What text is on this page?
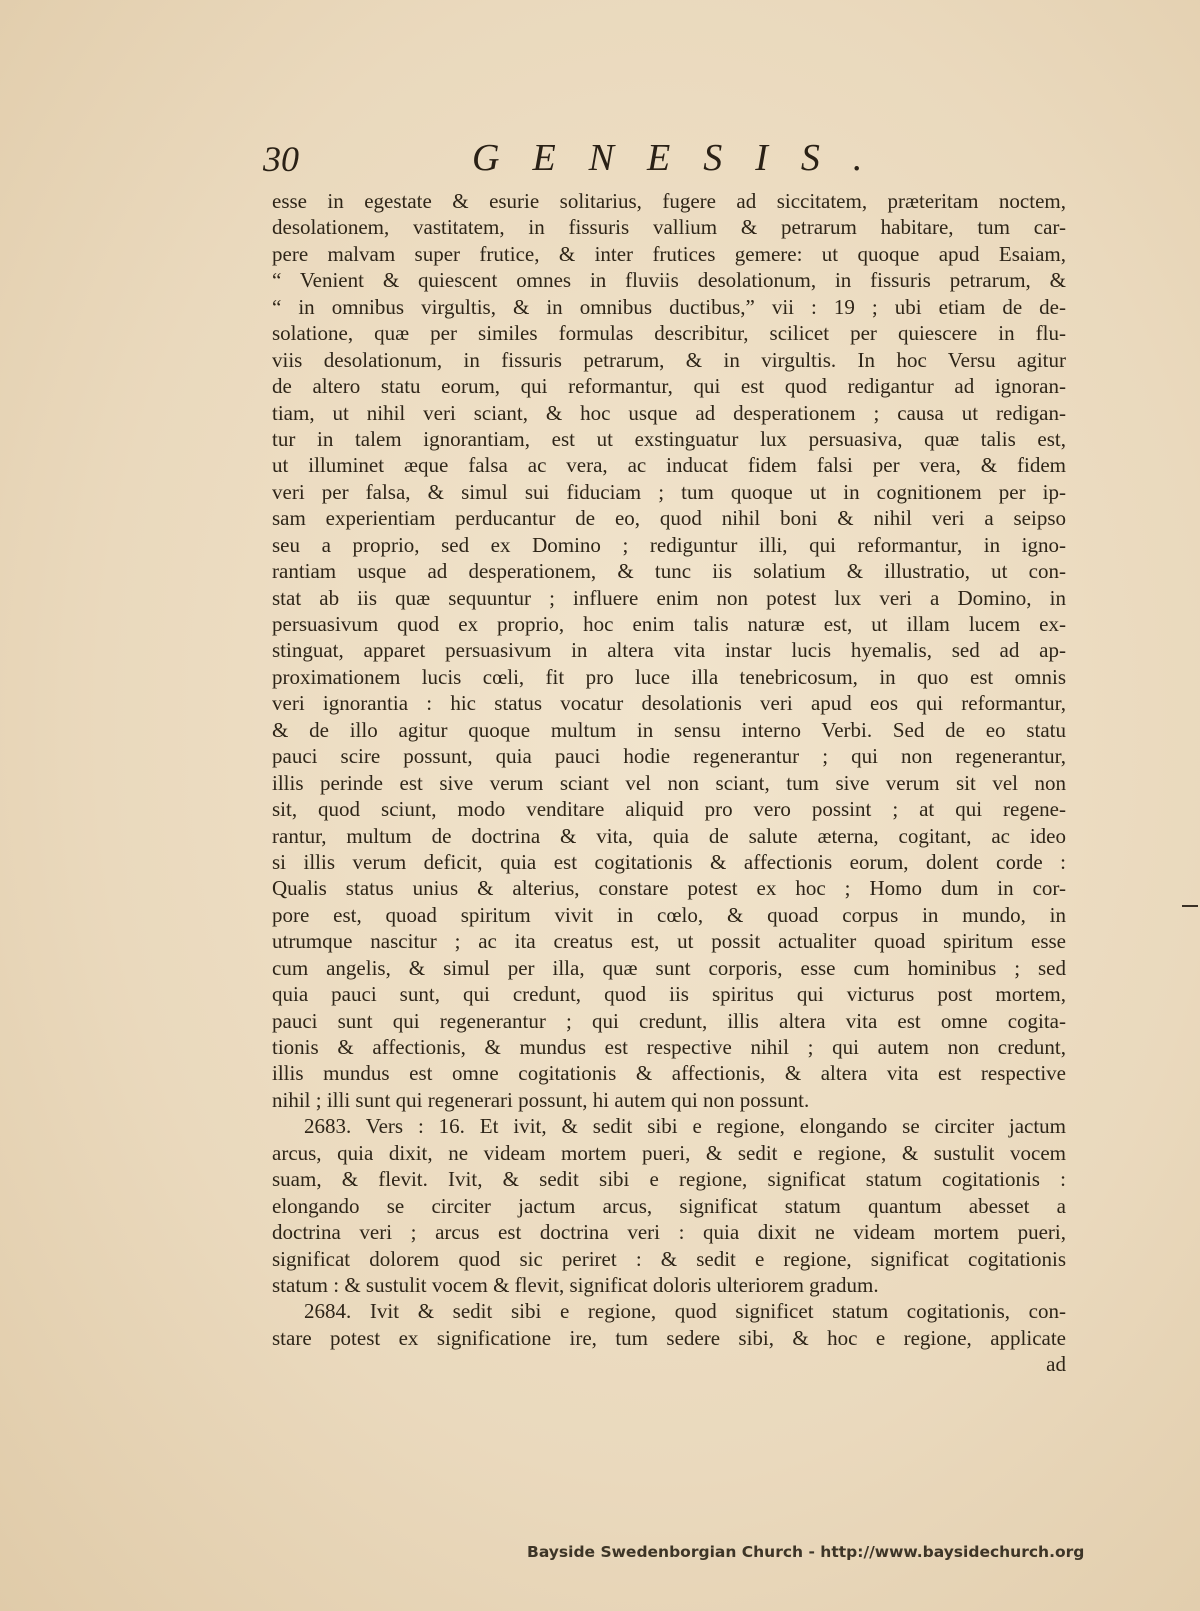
30	GENESIS.
esse in egestate & esurie solitarius, fugere ad siccitatem, præteritam noctem,
desolationem, vastitatem, in fissuris vallium & petrarum habitare, tum car-
pere malvam super frutice, & inter frutices gemere: ut quoque apud Esaiam,
“ Venient & quiescent omnes in fluviis desolationum, in fissuris petrarum, &
“ in omnibus virgultis, & in omnibus ductibus,” vii : 19 ; ubi etiam de de-
solatione, quæ per similes formulas describitur, scilicet per quiescere in flu-
viis desolationum, in fissuris petrarum, & in virgultis. In hoc Versu agitur
de altero statu eorum, qui reformantur, qui est quod redigantur ad ignoran-
tiam, ut nihil veri sciant, & hoc usque ad desperationem ; causa ut redigan-
tur in talem ignorantiam, est ut exstinguatur lux persuasiva, quæ talis est,
ut illuminet æque falsa ac vera, ac inducat fidem falsi per vera, & fidem
veri per falsa, & simul sui fiduciam ; tum quoque ut in cognitionem per ip-
sam experientiam perducantur de eo, quod nihil boni & nihil veri a seipso
seu a proprio, sed ex Domino ; rediguntur illi, qui reformantur, in igno-
rantiam usque ad desperationem, & tunc iis solatium & illustratio, ut con-
stat ab iis quæ sequuntur ; influere enim non potest lux veri a Domino, in
persuasivum quod ex proprio, hoc enim talis naturæ est, ut illam lucem ex-
stinguat, apparet persuasivum in altera vita instar lucis hyemalis, sed ad ap-
proximationem lucis cœli, fit pro luce illa tenebricosum, in quo est omnis
veri ignorantia : hic status vocatur desolationis veri apud eos qui reformantur,
& de illo agitur quoque multum in sensu interno Verbi. Sed de eo statu
pauci scire possunt, quia pauci hodie regenerantur ; qui non regenerantur,
illis perinde est sive verum sciant vel non sciant, tum sive verum sit vel non
sit, quod sciunt, modo venditare aliquid pro vero possint ; at qui regene-
rantur, multum de doctrina & vita, quia de salute æterna, cogitant, ac ideo
si illis verum deficit, quia est cogitationis & affectionis eorum, dolent corde :
Qualis status unius & alterius, constare potest ex hoc ; Homo dum in cor-
pore est, quoad spiritum vivit in cœlo, & quoad corpus in mundo, in
utrumque nascitur ; ac ita creatus est, ut possit actualiter quoad spiritum esse
cum angelis, & simul per illa, quæ sunt corporis, esse cum hominibus ; sed
quia pauci sunt, qui credunt, quod iis spiritus qui victurus post mortem,
pauci sunt qui regenerantur ; qui credunt, illis altera vita est omne cogita-
tionis & affectionis, & mundus est respective nihil ; qui autem non credunt,
illis mundus est omne cogitationis & affectionis, & altera vita est respective
nihil ; illi sunt qui regenerari possunt, hi autem qui non possunt.
2683. Vers : 16. Et ivit, & sedit sibi e regione, elongando se circiter jactum
arcus, quia dixit, ne videam mortem pueri, & sedit e regione, & sustulit vocem
suam, & flevit. Ivit, & sedit sibi e regione, significat statum cogitationis :
elongando se circiter jactum arcus, significat statum quantum abesset a
doctrina veri ; arcus est doctrina veri : quia dixit ne videam mortem pueri,
significat dolorem quod sic periret : & sedit e regione, significat cogitationis
statum : & sustulit vocem & flevit, significat doloris ulteriorem gradum.
2684. Ivit & sedit sibi e regione, quod significet statum cogitationis, con-
stare potest ex significatione ire, tum sedere sibi, & hoc e regione, applicate
ad
Bayside Swedenborgian Church - http://www.baysidechurch.org
